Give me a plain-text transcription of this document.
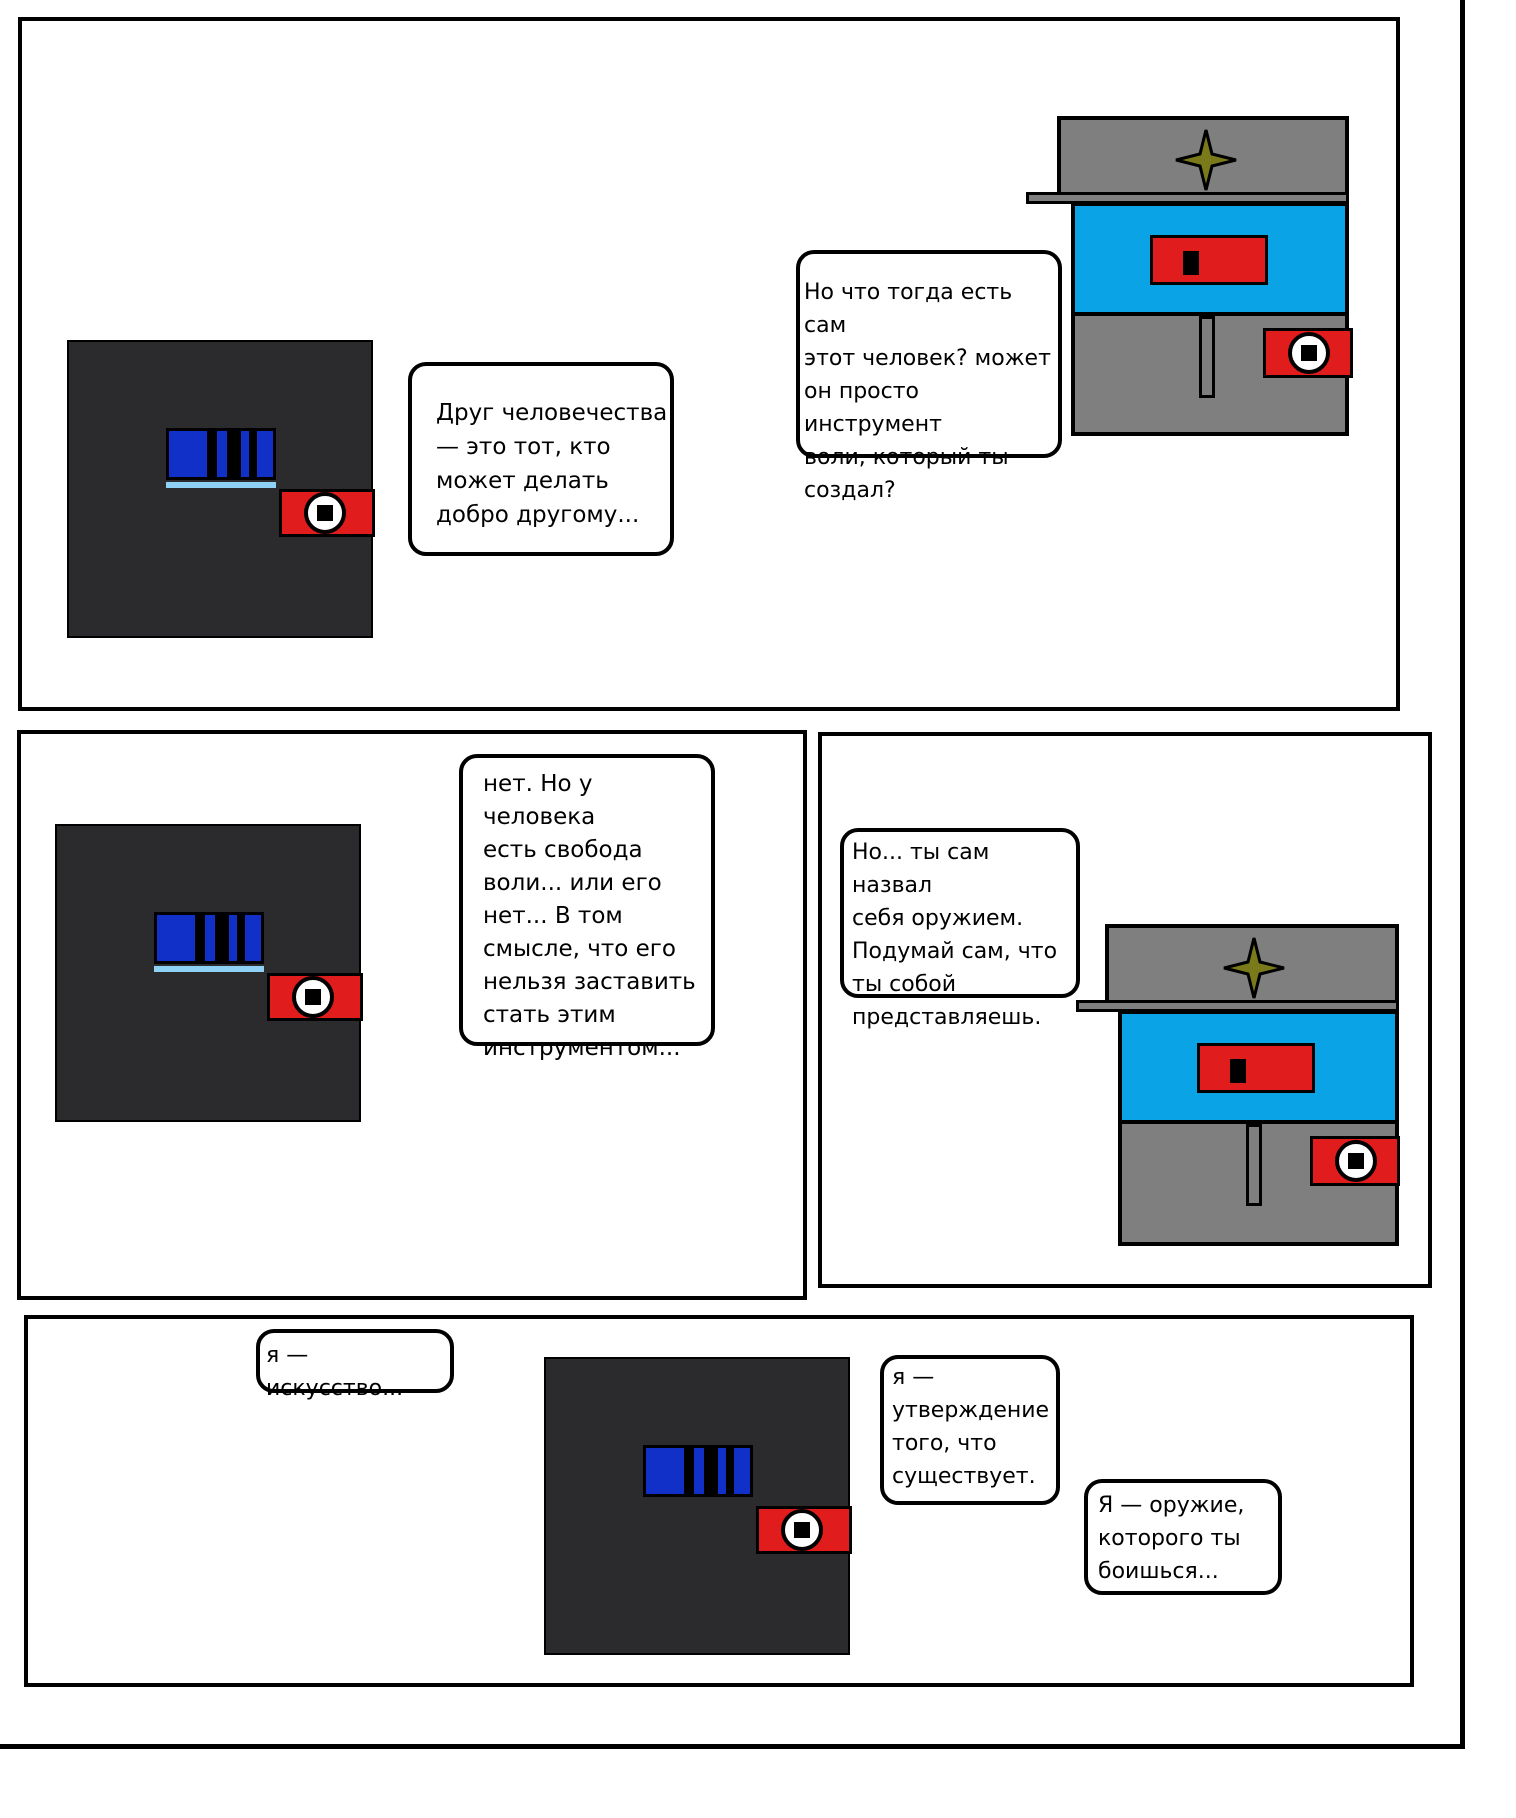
Друг человечества
— это тот, кто
может делать
добро другому...
Но что тогда есть сам
этот человек? может
он просто инструмент
воли, который ты
создал?
нет. Но у человека
есть свобода
воли... или его
нет... В том
смысле, что его
нельзя заставить
стать этим
инструментом...
Но... ты сам назвал
себя оружием.
Подумай сам, что
ты собой
представляешь.
я — искусство...	я —
утверждение
того, что
существует.
Я — оружие,
которого ты
боишься...
